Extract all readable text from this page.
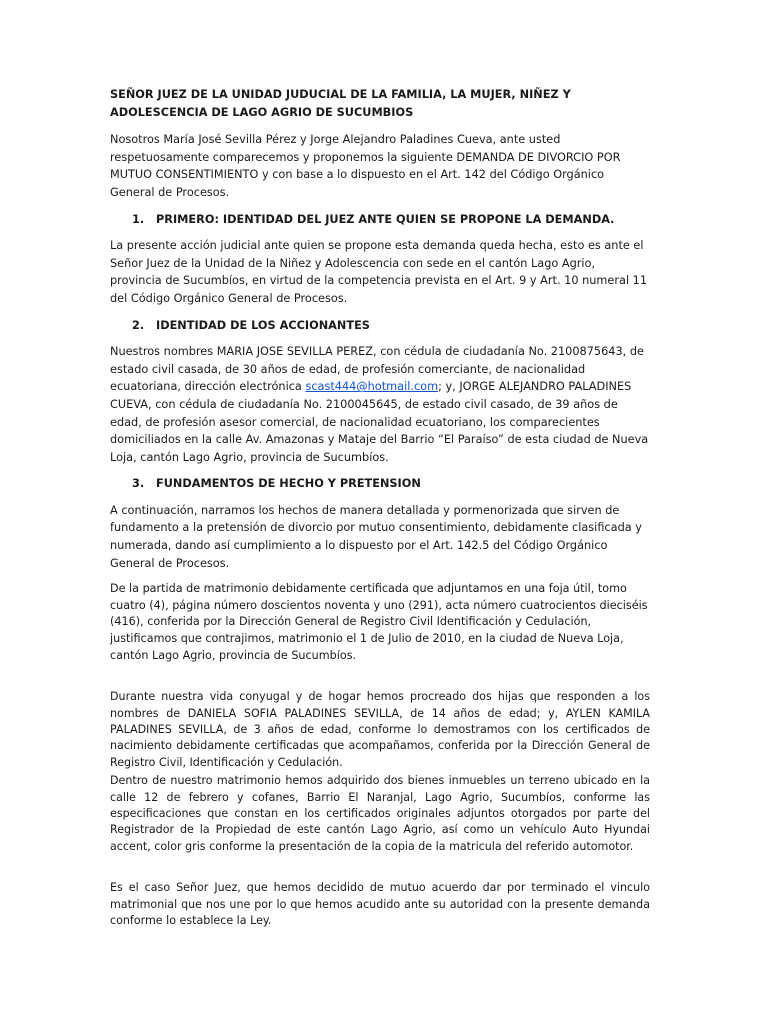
SEÑOR JUEZ DE LA UNIDAD JUDUCIAL DE LA FAMILIA, LA MUJER, NIÑEZ Y ADOLESCENCIA DE LAGO AGRIO DE SUCUMBIOS

Nosotros María José Sevilla Pérez y Jorge Alejandro Paladines Cueva, ante usted respetuosamente comparecemos y proponemos la siguiente DEMANDA DE DIVORCIO POR MUTUO CONSENTIMIENTO y con base a lo dispuesto en el Art. 142 del Código Orgánico General de Procesos.

1. PRIMERO: IDENTIDAD DEL JUEZ ANTE QUIEN SE PROPONE LA DEMANDA.

La presente acción judicial ante quien se propone esta demanda queda hecha, esto es ante el Señor Juez de la Unidad de la Niñez y Adolescencia con sede en el cantón Lago Agrio, provincia de Sucumbíos, en virtud de la competencia prevista en el Art. 9 y Art. 10 numeral 11 del Código Orgánico General de Procesos.

2. IDENTIDAD DE LOS ACCIONANTES

Nuestros nombres MARIA JOSE SEVILLA PEREZ, con cédula de ciudadanía No. 2100875643, de estado civil casada, de 30 años de edad, de profesión comerciante, de nacionalidad ecuatoriana, dirección electrónica scast444@hotmail.com; y, JORGE ALEJANDRO PALADINES CUEVA, con cédula de ciudadanía No. 2100045645, de estado civil casado, de 39 años de edad, de profesión asesor comercial, de nacionalidad ecuatoriano, los comparecientes domiciliados en la calle Av. Amazonas y Mataje del Barrio “El Paraíso” de esta ciudad de Nueva Loja, cantón Lago Agrio, provincia de Sucumbíos.

3. FUNDAMENTOS DE HECHO Y PRETENSION

A continuación, narramos los hechos de manera detallada y pormenorizada que sirven de fundamento a la pretensión de divorcio por mutuo consentimiento, debidamente clasificada y numerada, dando así cumplimiento a lo dispuesto por el Art. 142.5 del Código Orgánico General de Procesos.

De la partida de matrimonio debidamente certificada que adjuntamos en una foja útil, tomo cuatro (4), página número doscientos noventa y uno (291), acta número cuatrocientos dieciséis (416), conferida por la Dirección General de Registro Civil Identificación y Cedulación, justificamos que contrajimos, matrimonio el 1 de Julio de 2010, en la ciudad de Nueva Loja, cantón Lago Agrio, provincia de Sucumbíos.

Durante nuestra vida conyugal y de hogar hemos procreado dos hijas que responden a los nombres de DANIELA SOFIA PALADINES SEVILLA, de 14 años de edad; y, AYLEN KAMILA PALADINES SEVILLA, de 3 años de edad, conforme lo demostramos con los certificados de nacimiento debidamente certificadas que acompañamos, conferida por la Dirección General de Registro Civil, Identificación y Cedulación.

Dentro de nuestro matrimonio hemos adquirido dos bienes inmuebles un terreno ubicado en la calle 12 de febrero y cofanes, Barrio El Naranjal, Lago Agrio, Sucumbíos, conforme las especificaciones que constan en los certificados originales adjuntos otorgados por parte del Registrador de la Propiedad de este cantón Lago Agrio, así como un vehículo Auto Hyundai accent, color gris conforme la presentación de la copia de la matricula del referido automotor.

Es el caso Señor Juez, que hemos decidido de mutuo acuerdo dar por terminado el vinculo matrimonial que nos une por lo que hemos acudido ante su autoridad con la presente demanda conforme lo establece la Ley.
